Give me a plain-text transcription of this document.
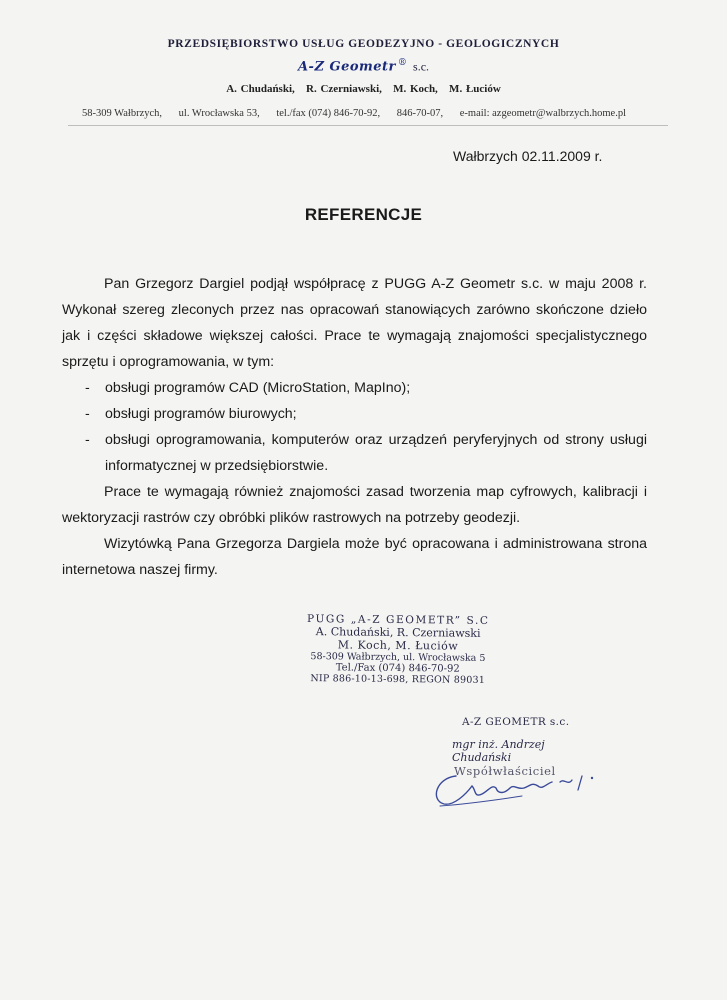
PRZEDSIĘBIORSTWO USŁUG GEODEZYJNO - GEOLOGICZNYCH
A-Z Geometr ® s.c.
A. Chudański,   R. Czerniawski,   M. Koch,   M. Łuciów
58-309 Wałbrzych, ul. Wrocławska 53, tel./fax (074) 846-70-92, 846-70-07, e-mail: azgeometr@walbrzych.home.pl
Wałbrzych 02.11.2009 r.
REFERENCJE

Pan Grzegorz Dargiel podjął współpracę z PUGG A-Z Geometr s.c. w maju 2008 r. Wykonał szereg zleconych przez nas opracowań stanowiących zarówno skończone dzieło jak i części składowe większej całości. Prace te wymagają znajomości specjalistycznego sprzętu i oprogramowania, w tym:

- obsługi programów CAD (MicroStation, MapIno);
- obsługi programów biurowych;
- obsługi oprogramowania, komputerów oraz urządzeń peryferyjnych od strony usługi informatycznej w przedsiębiorstwie.

Prace te wymagają również znajomości zasad tworzenia map cyfrowych, kalibracji i wektoryzacji rastrów czy obróbki plików rastrowych na potrzeby geodezji.

Wizytówką Pana Grzegorza Dargiela może być opracowana i administrowana strona internetowa naszej firmy.

PUGG „A-Z GEOMETR” S.C
A. Chudański, R. Czerniawski
M. Koch, M. Łuciów
58-309 Wałbrzych, ul. Wrocławska 5
Tel./Fax (074) 846-70-92
NIP 886-10-13-698, REGON 89031
A-Z GEOMETR s.c.
mgr inż. Andrzej Chudański
Współwłaściciel
